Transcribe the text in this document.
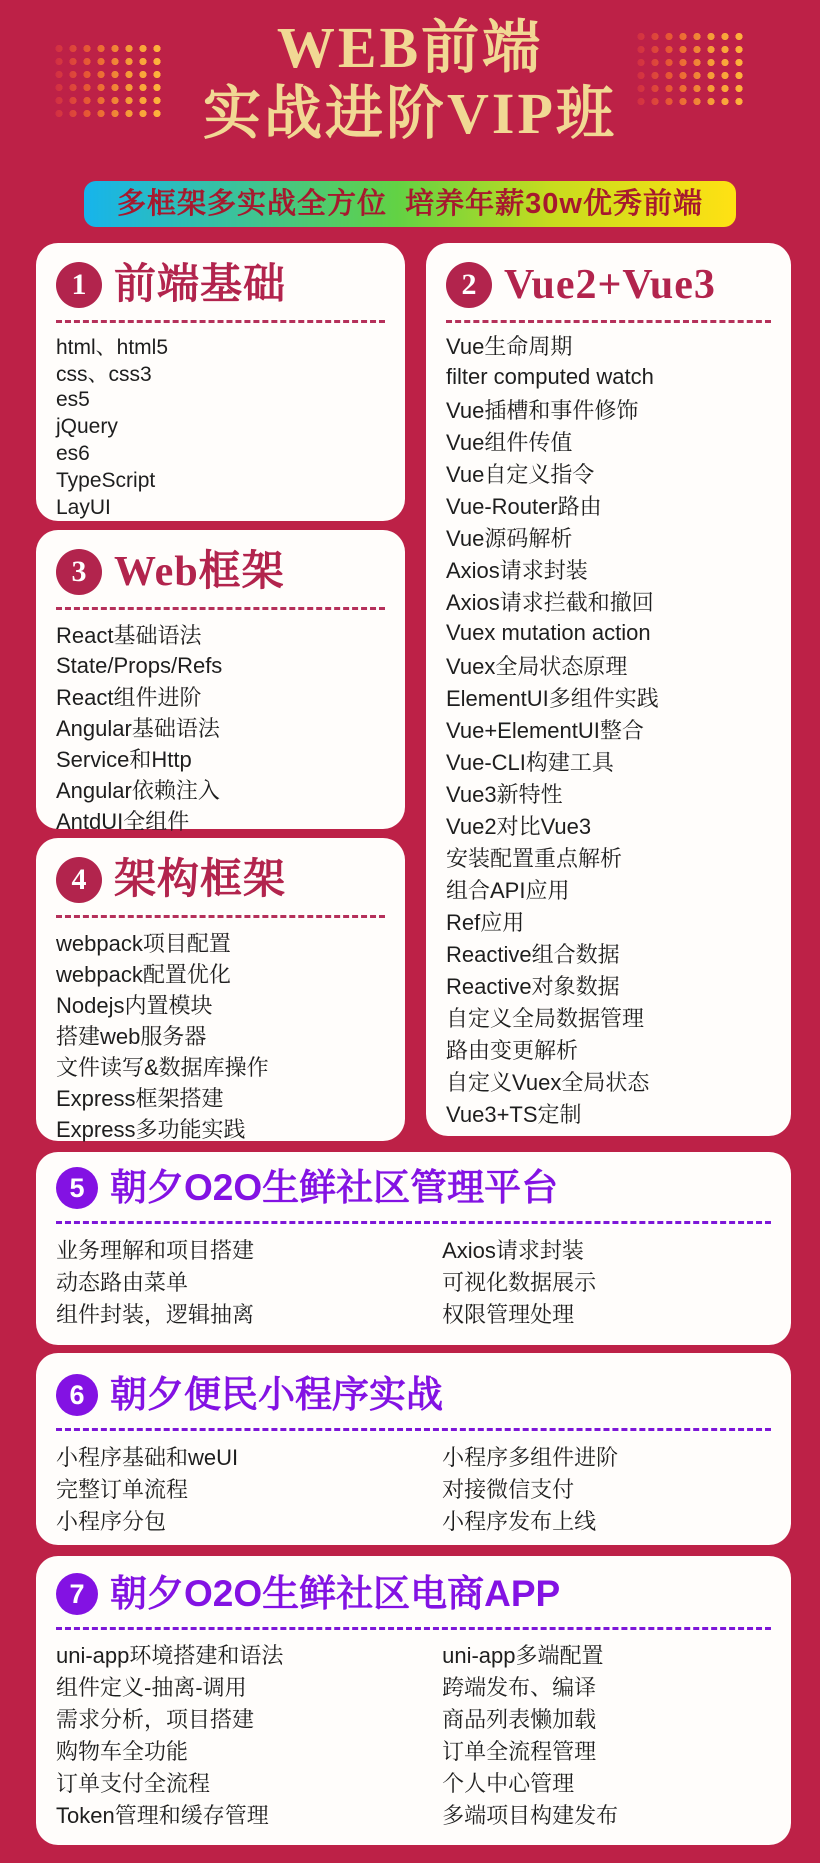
WEB前端
实战进阶VIP班
多框架多实战全方位  培养年薪30w优秀前端
1 前端基础
html、html5
css、css3
es5
jQuery
es6
TypeScript
LayUI
2 Vue2+Vue3
Vue生命周期
filter computed watch
Vue插槽和事件修饰
Vue组件传值
Vue自定义指令
Vue-Router路由
Vue源码解析
Axios请求封装
Axios请求拦截和撤回
Vuex mutation action
Vuex全局状态原理
ElementUI多组件实践
Vue+ElementUI整合
Vue-CLI构建工具
Vue3新特性
Vue2对比Vue3
安装配置重点解析
组合API应用
Ref应用
Reactive组合数据
Reactive对象数据
自定义全局数据管理
路由变更解析
自定义Vuex全局状态
Vue3+TS定制
3 Web框架
React基础语法
State/Props/Refs
React组件进阶
Angular基础语法
Service和Http
Angular依赖注入
AntdUI全组件
4 架构框架
webpack项目配置
webpack配置优化
Nodejs内置模块
搭建web服务器
文件读写&数据库操作
Express框架搭建
Express多功能实践
5 朝夕O2O生鲜社区管理平台
业务理解和项目搭建
动态路由菜单
组件封装，逻辑抽离
Axios请求封装
可视化数据展示
权限管理处理
6 朝夕便民小程序实战
小程序基础和weUI
完整订单流程
小程序分包
小程序多组件进阶
对接微信支付
小程序发布上线
7 朝夕O2O生鲜社区电商APP
uni-app环境搭建和语法
组件定义-抽离-调用
需求分析，项目搭建
购物车全功能
订单支付全流程
Token管理和缓存管理
uni-app多端配置
跨端发布、编译
商品列表懒加载
订单全流程管理
个人中心管理
多端项目构建发布
